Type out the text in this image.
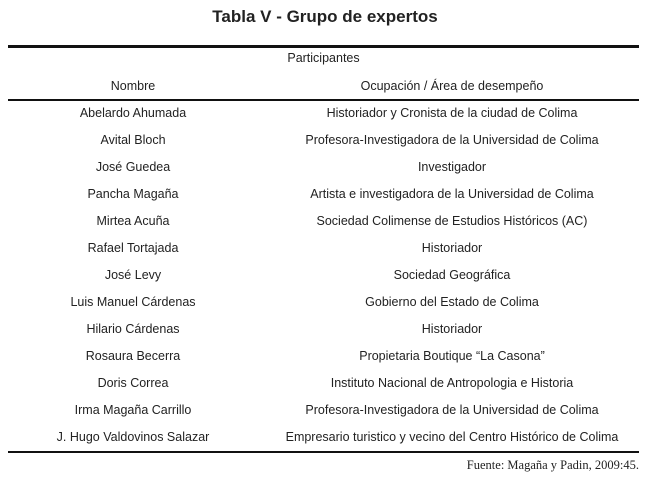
Tabla V - Grupo de expertos
Participantes
Nombre	Ocupación / Área de desempeño
Abelardo Ahumada	Historiador y Cronista de la ciudad de Colima
Avital Bloch	Profesora-Investigadora de la Universidad de Colima
José Guedea	Investigador
Pancha Magaña	Artista e investigadora de la Universidad de Colima
Mirtea Acuña	Sociedad Colimense de Estudios Históricos (AC)
Rafael Tortajada	Historiador
José Levy	Sociedad Geográfica
Luis Manuel Cárdenas	Gobierno del Estado de Colima
Hilario Cárdenas	Historiador
Rosaura Becerra	Propietaria Boutique “La Casona”
Doris Correa	Instituto Nacional de Antropologia e Historia
Irma Magaña Carrillo	Profesora-Investigadora de la Universidad de Colima
J. Hugo Valdovinos Salazar	Empresario turistico y vecino del Centro Histórico de Colima
Fuente: Magaña y Padin, 2009:45.
